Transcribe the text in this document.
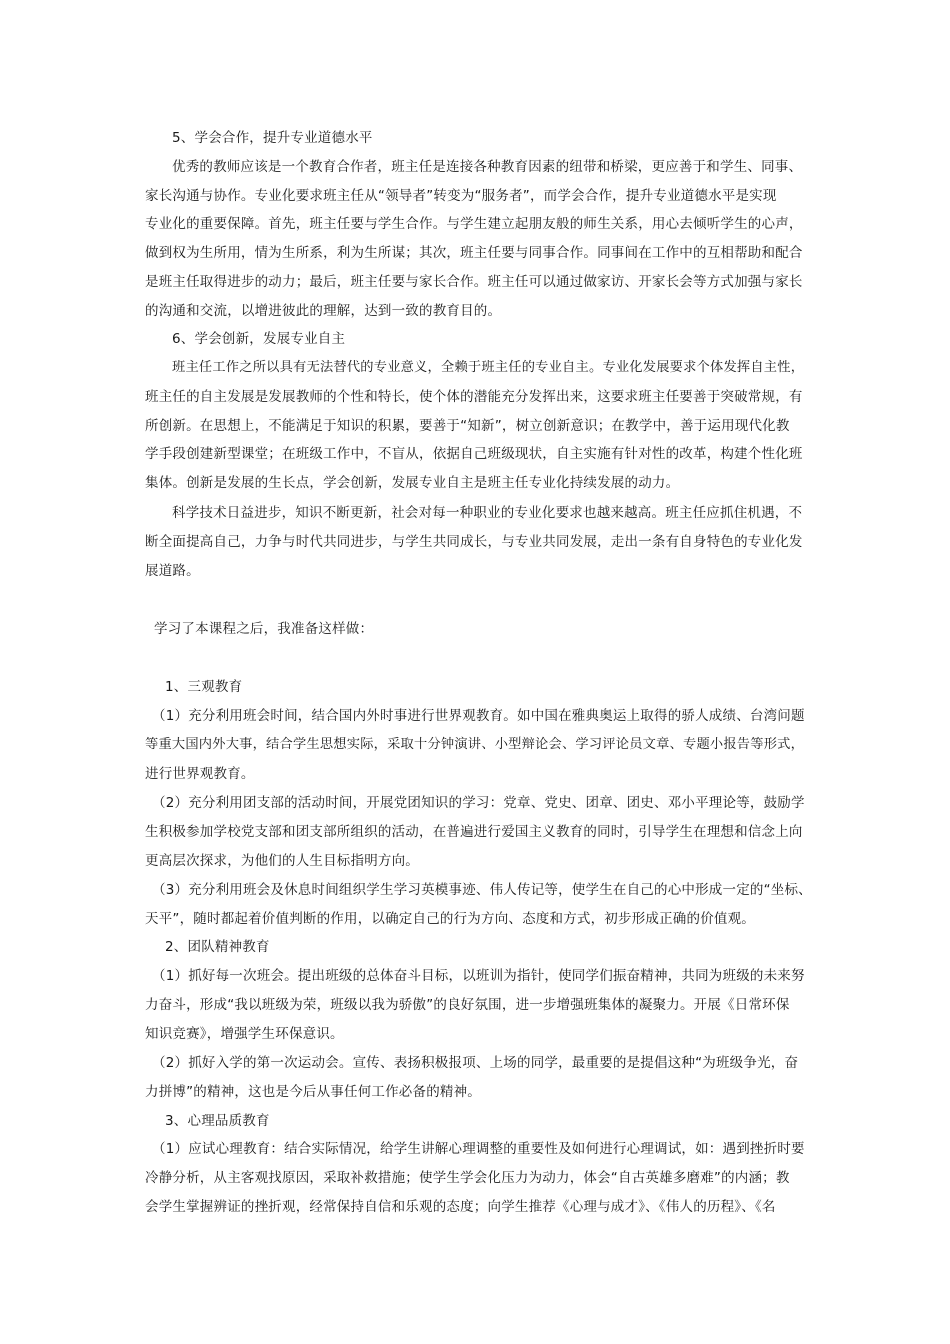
5、学会合作，提升专业道德水平
优秀的教师应该是一个教育合作者，班主任是连接各种教育因素的纽带和桥梁，更应善于和学生、同事、
家长沟通与协作。专业化要求班主任从“领导者”转变为“服务者”，而学会合作，提升专业道德水平是实现
专业化的重要保障。首先，班主任要与学生合作。与学生建立起朋友般的师生关系，用心去倾听学生的心声，
做到权为生所用，情为生所系，利为生所谋；其次，班主任要与同事合作。同事间在工作中的互相帮助和配合
是班主任取得进步的动力；最后，班主任要与家长合作。班主任可以通过做家访、开家长会等方式加强与家长
的沟通和交流，以增进彼此的理解，达到一致的教育目的。
6、学会创新，发展专业自主
班主任工作之所以具有无法替代的专业意义，全赖于班主任的专业自主。专业化发展要求个体发挥自主性，
班主任的自主发展是发展教师的个性和特长，使个体的潜能充分发挥出来，这要求班主任要善于突破常规，有
所创新。在思想上，不能满足于知识的积累，要善于“知新”，树立创新意识；在教学中，善于运用现代化教
学手段创建新型课堂；在班级工作中，不盲从，依据自己班级现状，自主实施有针对性的改革，构建个性化班
集体。创新是发展的生长点，学会创新，发展专业自主是班主任专业化持续发展的动力。
科学技术日益进步，知识不断更新，社会对每一种职业的专业化要求也越来越高。班主任应抓住机遇，不
断全面提高自己，力争与时代共同进步，与学生共同成长，与专业共同发展，走出一条有自身特色的专业化发
展道路。
学习了本课程之后，我准备这样做：
1、三观教育
（1）充分利用班会时间，结合国内外时事进行世界观教育。如中国在雅典奥运上取得的骄人成绩、台湾问题
等重大国内外大事，结合学生思想实际，采取十分钟演讲、小型辩论会、学习评论员文章、专题小报告等形式，
进行世界观教育。
（2）充分利用团支部的活动时间，开展党团知识的学习：党章、党史、团章、团史、邓小平理论等，鼓励学
生积极参加学校党支部和团支部所组织的活动，在普遍进行爱国主义教育的同时，引导学生在理想和信念上向
更高层次探求，为他们的人生目标指明方向。
（3）充分利用班会及休息时间组织学生学习英模事迹、伟人传记等，使学生在自己的心中形成一定的“坐标、
天平”，随时都起着价值判断的作用，以确定自己的行为方向、态度和方式，初步形成正确的价值观。
2、团队精神教育
（1）抓好每一次班会。提出班级的总体奋斗目标，以班训为指针，使同学们振奋精神，共同为班级的未来努
力奋斗，形成“我以班级为荣，班级以我为骄傲”的良好氛围，进一步增强班集体的凝聚力。开展《日常环保
知识竞赛》，增强学生环保意识。
（2）抓好入学的第一次运动会。宣传、表扬积极报项、上场的同学，最重要的是提倡这种“为班级争光，奋
力拼博”的精神，这也是今后从事任何工作必备的精神。
3、心理品质教育
（1）应试心理教育：结合实际情况，给学生讲解心理调整的重要性及如何进行心理调试，如：遇到挫折时要
冷静分析，从主客观找原因，采取补救措施；使学生学会化压力为动力，体会“自古英雄多磨难”的内涵；教
会学生掌握辨证的挫折观，经常保持自信和乐观的态度；向学生推荐《心理与成才》、《伟人的历程》、《名
